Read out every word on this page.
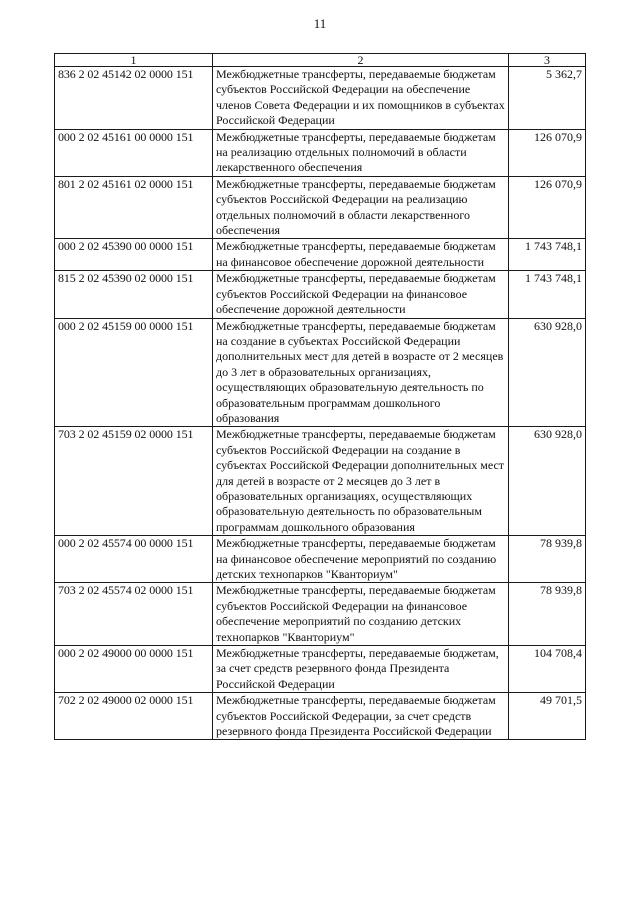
11
1	2	3
836 2 02 45142 02 0000 151	Межбюджетные трансферты, передаваемые бюджетам субъектов Российской Федерации на обеспечение членов Совета Федерации и их помощников в субъектах Российской Федерации	5 362,7
000 2 02 45161 00 0000 151	Межбюджетные трансферты, передаваемые бюджетам на реализацию отдельных полномочий в области лекарственного обеспечения	126 070,9
801 2 02 45161 02 0000 151	Межбюджетные трансферты, передаваемые бюджетам субъектов Российской Федерации на реализацию отдельных полномочий в области лекарственного обеспечения	126 070,9
000 2 02 45390 00 0000 151	Межбюджетные трансферты, передаваемые бюджетам на финансовое обеспечение дорожной деятельности	1 743 748,1
815 2 02 45390 02 0000 151	Межбюджетные трансферты, передаваемые бюджетам субъектов Российской Федерации на финансовое обеспечение дорожной деятельности	1 743 748,1
000 2 02 45159 00 0000 151	Межбюджетные трансферты, передаваемые бюджетам на создание в субъектах Российской Федерации дополнительных мест для детей в возрасте от 2 месяцев до 3 лет в образовательных организациях, осуществляющих образовательную деятельность по образовательным программам дошкольного образования	630 928,0
703 2 02 45159 02 0000 151	Межбюджетные трансферты, передаваемые бюджетам субъектов Российской Федерации на создание в субъектах Российской Федерации дополнительных мест для детей в возрасте от 2 месяцев до 3 лет в образовательных организациях, осуществляющих образовательную деятельность по образовательным программам дошкольного образования	630 928,0
000 2 02 45574 00 0000 151	Межбюджетные трансферты, передаваемые бюджетам на финансовое обеспечение мероприятий по созданию детских технопарков "Кванториум"	78 939,8
703 2 02 45574 02 0000 151	Межбюджетные трансферты, передаваемые бюджетам субъектов Российской Федерации на финансовое обеспечение мероприятий по созданию детских технопарков "Кванториум"	78 939,8
000 2 02 49000 00 0000 151	Межбюджетные трансферты, передаваемые бюджетам, за счет средств резервного фонда Президента Российской Федерации	104 708,4
702 2 02 49000 02 0000 151	Межбюджетные трансферты, передаваемые бюджетам субъектов Российской Федерации, за счет средств резервного фонда Президента Российской Федерации	49 701,5
